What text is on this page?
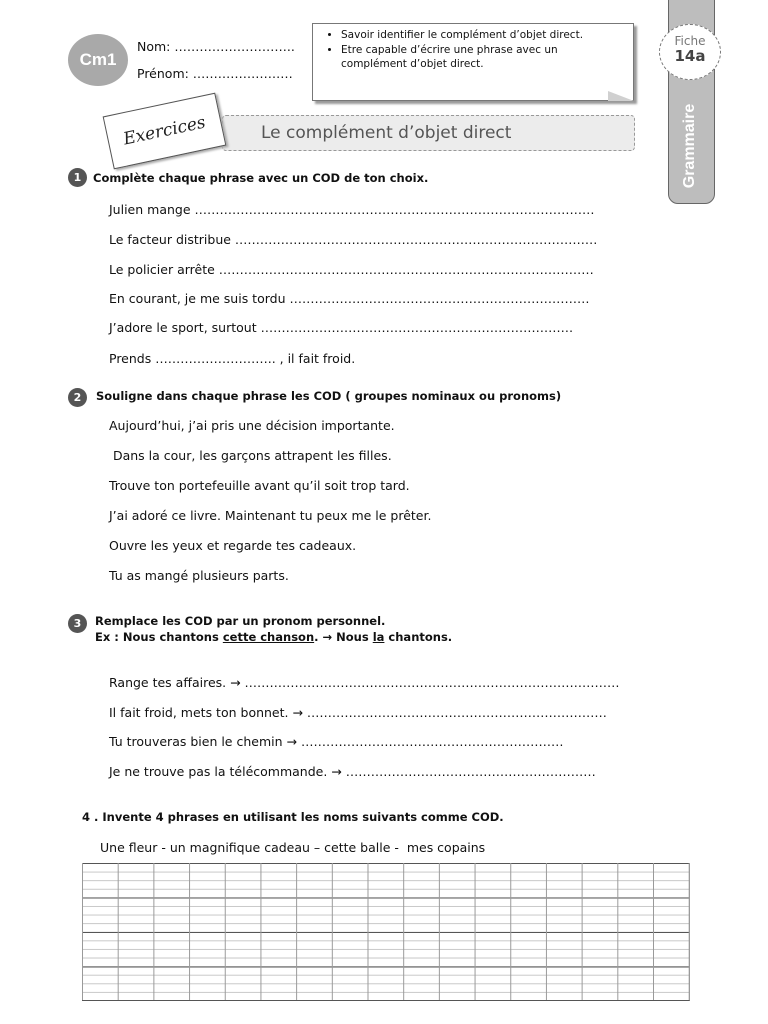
Cm1
Nom: ………………………..
Prénom: ……………………
• Savoir identifier le complément d’objet direct.
• Etre capable d’écrire une phrase avec un complément d’objet direct.
Grammaire
Fiche
14a
Le complément d’objet direct
Exercices
1	Complète chaque phrase avec un COD de ton choix.
Julien mange ……………………………………………………………………………………
Le facteur distribue ……………………………………………………………………………
Le policier arrête ………………………………………………………………………………
En courant, je me suis tordu ………………………………………………………………
J’adore le sport, surtout …………………………………………………………………
Prends ……………………….. , il fait froid.
2	Souligne dans chaque phrase les COD ( groupes nominaux ou pronoms)
Aujourd’hui, j’ai pris une décision importante.
Dans la cour, les garçons attrapent les filles.
Trouve ton portefeuille avant qu’il soit trop tard.
J’ai adoré ce livre. Maintenant tu peux me le prêter.
Ouvre les yeux et regarde tes cadeaux.
Tu as mangé plusieurs parts.
3	Remplace les COD par un pronom personnel.
Ex : Nous chantons cette chanson. → Nous la chantons.
Range tes affaires. → ………………………………………………………………………………
Il fait froid, mets ton bonnet. → ………………………………………………………………
Tu trouveras bien le chemin → ………………………………………………………
Je ne trouve pas la télécommande. → ……………………………………………………
4 . Invente 4 phrases en utilisant les noms suivants comme COD.
Une fleur - un magnifique cadeau – cette balle -  mes copains
